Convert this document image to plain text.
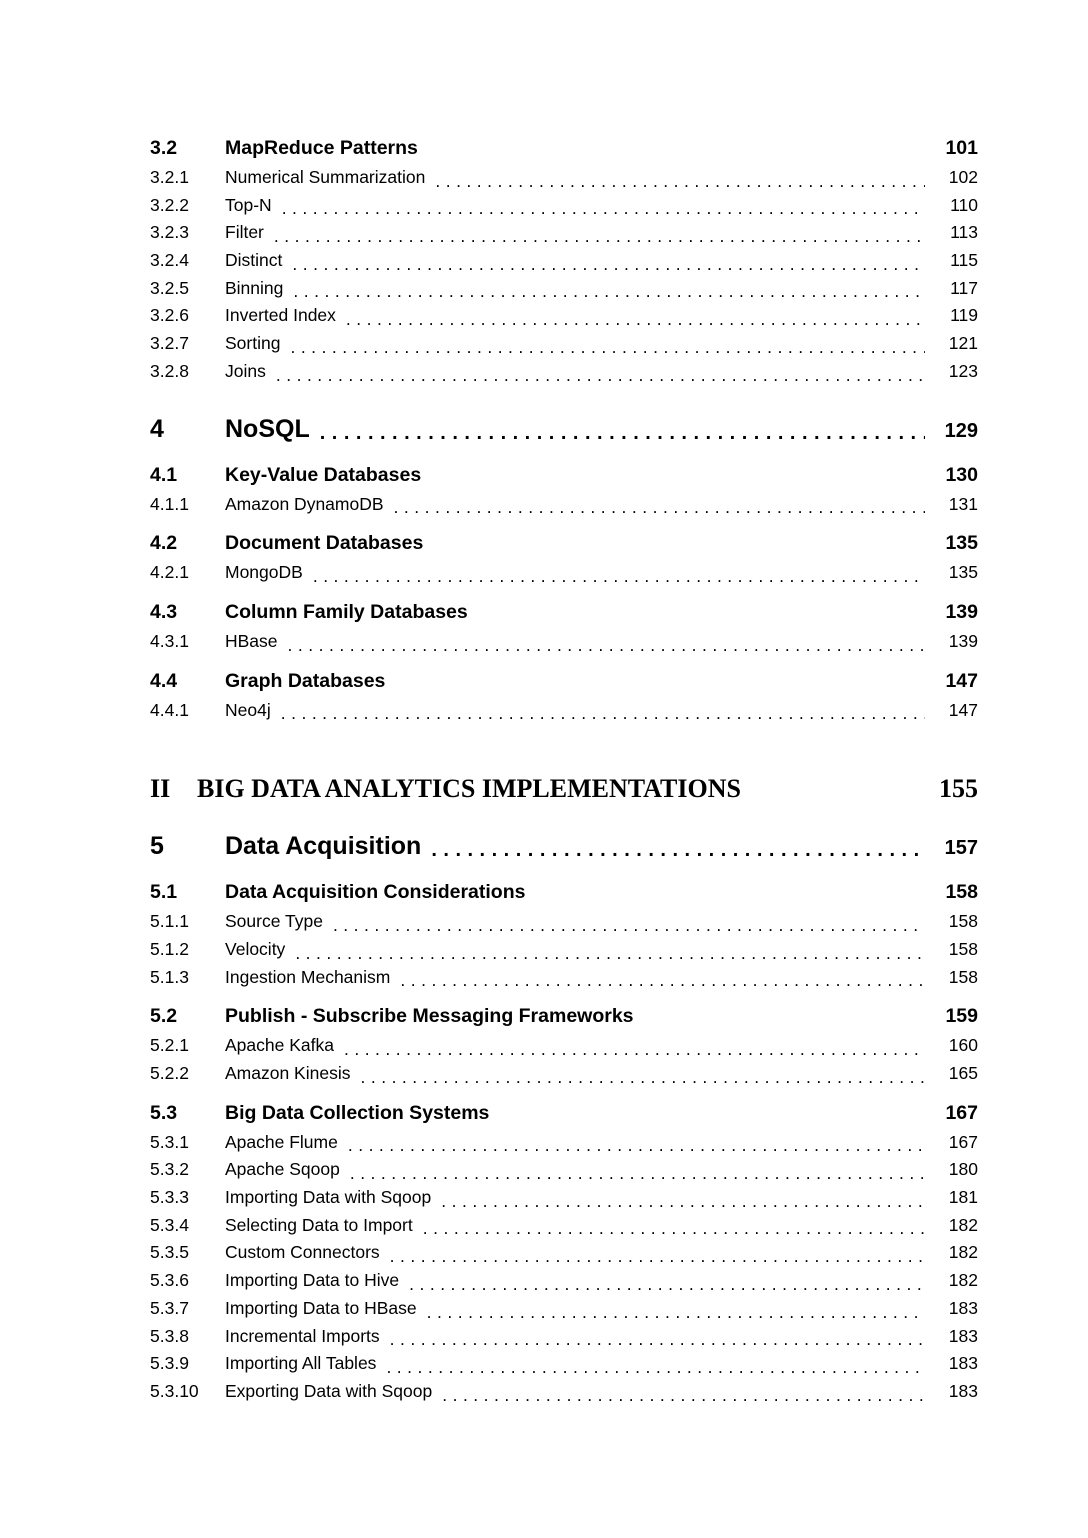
3.2	MapReduce Patterns	101
3.2.1	Numerical Summarization .....	102
3.2.2	Top-N .....	110
3.2.3	Filter .....	113
3.2.4	Distinct .....	115
3.2.5	Binning .....	117
3.2.6	Inverted Index .....	119
3.2.7	Sorting .....	121
3.2.8	Joins .....	123
4	NoSQL .....	129
4.1	Key-Value Databases	130
4.1.1	Amazon DynamoDB .....	131
4.2	Document Databases	135
4.2.1	MongoDB .....	135
4.3	Column Family Databases	139
4.3.1	HBase .....	139
4.4	Graph Databases	147
4.4.1	Neo4j .....	147
II	BIG DATA ANALYTICS IMPLEMENTATIONS	155
5	Data Acquisition .....	157
5.1	Data Acquisition Considerations	158
5.1.1	Source Type .....	158
5.1.2	Velocity .....	158
5.1.3	Ingestion Mechanism .....	158
5.2	Publish - Subscribe Messaging Frameworks	159
5.2.1	Apache Kafka .....	160
5.2.2	Amazon Kinesis .....	165
5.3	Big Data Collection Systems	167
5.3.1	Apache Flume .....	167
5.3.2	Apache Sqoop .....	180
5.3.3	Importing Data with Sqoop .....	181
5.3.4	Selecting Data to Import .....	182
5.3.5	Custom Connectors .....	182
5.3.6	Importing Data to Hive .....	182
5.3.7	Importing Data to HBase .....	183
5.3.8	Incremental Imports .....	183
5.3.9	Importing All Tables .....	183
5.3.10	Exporting Data with Sqoop .....	183
